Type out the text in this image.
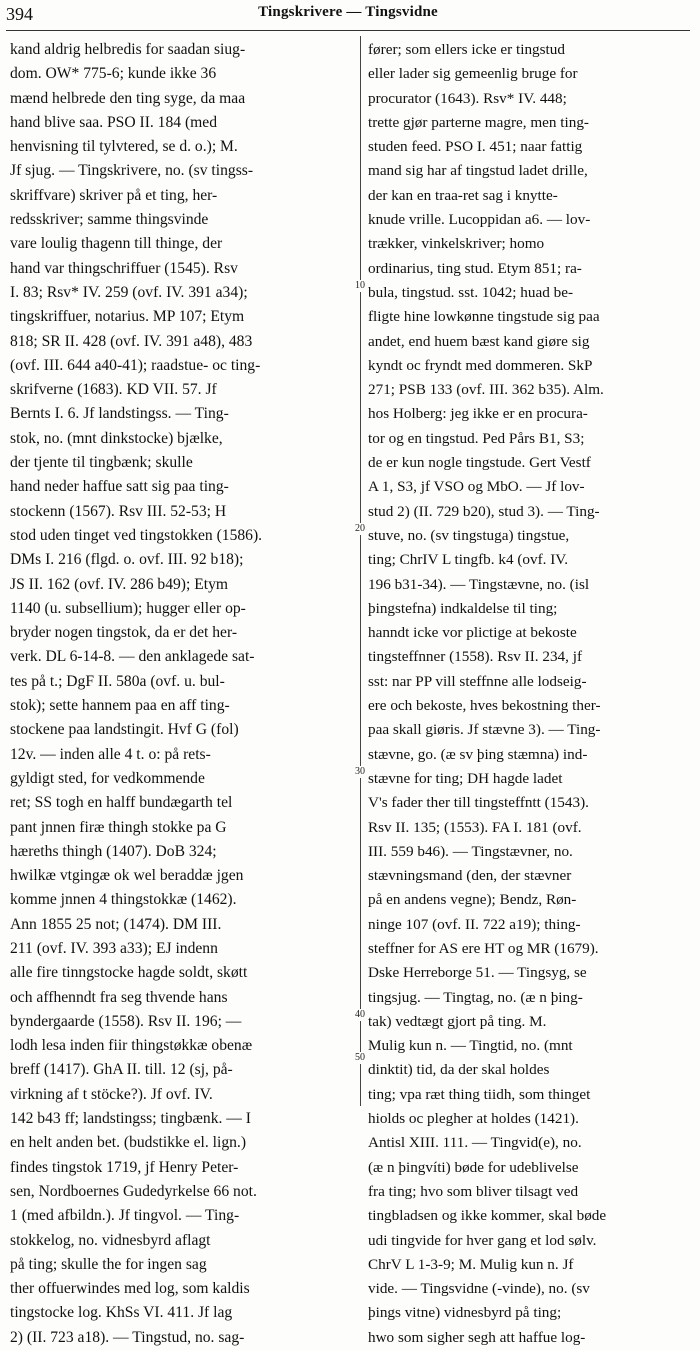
394	Tingskrivere — Tingsvidne
kand aldrig helbredis for saadan siug-
dom. OW* 775-6; kunde ikke 36
mænd helbrede den ting syge, da maa
hand blive saa. PSO II. 184 (med
henvisning til tylvtered, se d. o.); M.
Jf sjug. — Tingskrivere, no. (sv tingss-
skriffvare) skriver på et ting, her-
redsskriver; samme thingsvinde
vare loulig thagenn till thinge, der
hand var thingschriffuer (1545). Rsv
I. 83; Rsv* IV. 259 (ovf. IV. 391 a34);
tingskriffuer, notarius. MP 107; Etym
818; SR II. 428 (ovf. IV. 391 a48), 483
(ovf. III. 644 a40-41); raadstue- oc ting-
skrifverne (1683). KD VII. 57. Jf
Bernts I. 6. Jf landstingss. — Ting-
stok, no. (mnt dinkstocke) bjælke,
der tjente til tingbænk; skulle
hand neder haffue satt sig paa ting-
stockenn (1567). Rsv III. 52-53; H
stod uden tinget ved tingstokken (1586).
DMs I. 216 (flgd. o. ovf. III. 92 b18);
JS II. 162 (ovf. IV. 286 b49); Etym
1140 (u. subsellium); hugger eller op-
bryder nogen tingstok, da er det her-
verk. DL 6-14-8. — den anklagede sat-
tes på t.; DgF II. 580a (ovf. u. bul-
stok); sette hannem paa en aff ting-
stockene paa landstingit. Hvf G (fol)
12v. — inden alle 4 t. o: på rets-
gyldigt sted, for vedkommende
ret; SS togh en halff bundægarth tel
pant jnnen firæ thingh stokke pa G
hæreths thingh (1407). DoB 324;
hwilkæ vtgingæ ok wel beraddæ jgen
komme jnnen 4 thingstokkæ (1462).
Ann 1855 25 not; (1474). DM III.
211 (ovf. IV. 393 a33); EJ indenn
alle fire tinngstocke hagde soldt, skøtt
och affhenndt fra seg thvende hans
byndergaarde (1558). Rsv II. 196; —
lodh lesa inden fiir thingstøkkæ obenæ
breff (1417). GhA II. till. 12 (sj, på-
virkning af t stöcke?). Jf ovf. IV.
142 b43 ff; landstingss; tingbænk. — I
en helt anden bet. (budstikke el. lign.)
findes tingstok 1719, jf Henry Peter-
sen, Nordboernes Gudedyrkelse 66 not.
1 (med afbildn.). Jf tingvol. — Ting-
stokkelog, no. vidnesbyrd aflagt
på ting; skulle the for ingen sag
ther offuerwindes med log, som kaldis
tingstocke log. KhSs VI. 411. Jf lag
2) (II. 723 a18). — Tingstud, no. sag-
fører; som ellers icke er tingstud
eller lader sig gemeenlig bruge for
procurator (1643). Rsv* IV. 448;
trette gjør parterne magre, men ting-
studen feed. PSO I. 451; naar fattig
mand sig har af tingstud ladet drille,
der kan en traa-ret sag i knytte-
knude vrille. Lucoppidan a6. — lov-
trækker, vinkelskriver; homo
ordinarius, ting stud. Etym 851; ra-
bula, tingstud. sst. 1042; huad be-
fligte hine lowkønne tingstude sig paa
andet, end huem bæst kand giøre sig
kyndt oc fryndt med dommeren. SkP
271; PSB 133 (ovf. III. 362 b35). Alm.
hos Holberg: jeg ikke er en procura-
tor og en tingstud. Ped Pårs B1, S3;
de er kun nogle tingstude. Gert Vestf
A 1, S3, jf VSO og MbO. — Jf lov-
stud 2) (II. 729 b20), stud 3). — Ting-
stuve, no. (sv tingstuga) tingstue,
ting; ChrIV L tingfb. k4 (ovf. IV.
196 b31-34). — Tingstævne, no. (isl
þingstefna) indkaldelse til ting;
hanndt icke vor plictige at bekoste
tingsteffnner (1558). Rsv II. 234, jf
sst: nar PP vill steffnne alle lodseig-
ere och bekoste, hves bekostning ther-
paa skall giøris. Jf stævne 3). — Ting-
stævne, go. (æ sv þing stæmna) ind-
stævne for ting; DH hagde ladet
V's fader ther till tingsteffntt (1543).
Rsv II. 135; (1553). FA I. 181 (ovf.
III. 559 b46). — Tingstævner, no.
stævningsmand (den, der stævner
på en andens vegne); Bendz, Røn-
ninge 107 (ovf. II. 722 a19); thing-
steffner for AS ere HT og MR (1679).
Dske Herreborge 51. — Tingsyg, se
tingsjug. — Tingtag, no. (æ n þing-
tak) vedtægt gjort på ting. M.
Mulig kun n. — Tingtid, no. (mnt
dinktit) tid, da der skal holdes
ting; vpa ræt thing tiidh, som thinget
hiolds oc plegher at holdes (1421).
Antisl XIII. 111. — Tingvid(e), no.
(æ n þingvíti) bøde for udeblivelse
fra ting; hvo som bliver tilsagt ved
tingbladsen og ikke kommer, skal bøde
udi tingvide for hver gang et lod sølv.
ChrV L 1-3-9; M. Mulig kun n. Jf
vide. — Tingsvidne (-vinde), no. (sv
þings vitne) vidnesbyrd på ting;
hwo som sigher segh att haffue log-
10
20
30
40
50
